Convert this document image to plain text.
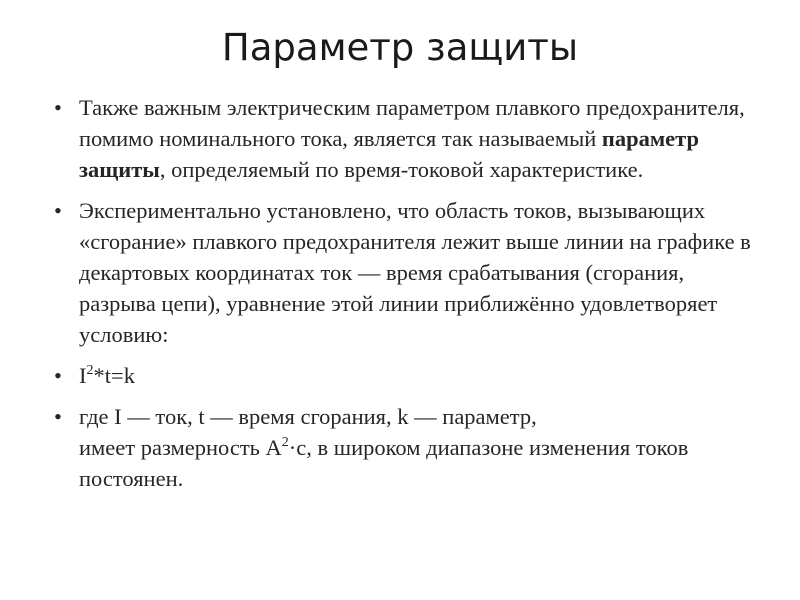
Параметр защиты
• Также важным электрическим параметром плавкого предохранителя, помимо номинального тока, является так называемый параметр защиты, определяемый по время-токовой характеристике.
• Экспериментально установлено, что область токов, вызывающих «сгорание» плавкого предохранителя лежит выше линии на графике в декартовых координатах ток — время срабатывания (сгорания, разрыва цепи), уравнение этой линии приближённо удовлетворяет условию:
• $I^2*t=k$
• где I — ток, t — время сгорания, k — параметр,
имеет размерность $А^2\cdot с$, в широком диапазоне изменения токов постоянен.
